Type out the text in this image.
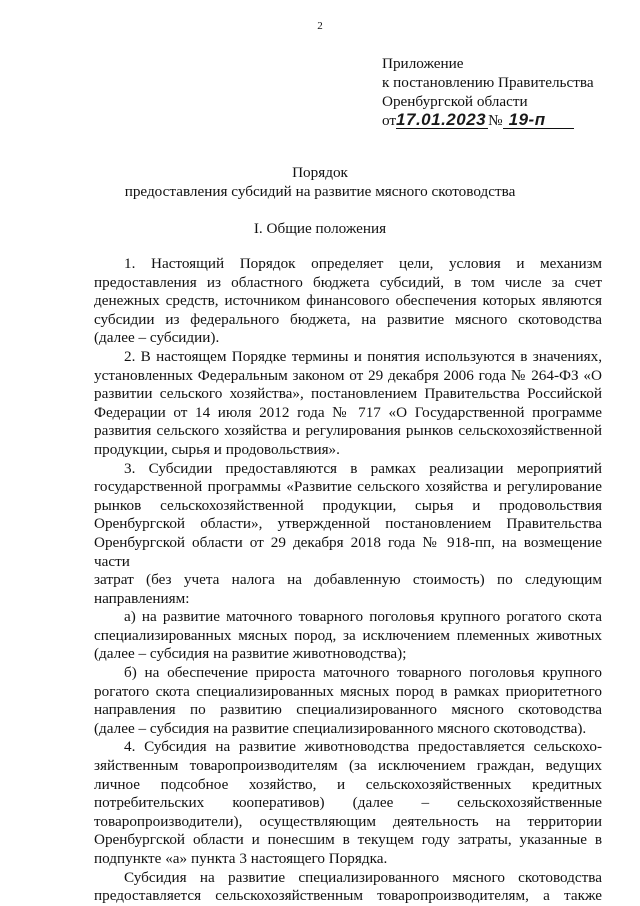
2
Приложение
к постановлению Правительства
Оренбургской области
от17.01.2023 № 19-п
Порядок
предоставления субсидий на развитие мясного скотоводства
I. Общие положения
1. Настоящий Порядок определяет цели, условия и механизм
предоставления из областного бюджета субсидий, в том числе за счет
денежных средств, источником финансового обеспечения которых являются
субсидии из федерального бюджета, на развитие мясного скотоводства
(далее – субсидии).
2. В настоящем Порядке термины и понятия используются в значениях,
установленных Федеральным законом от 29 декабря 2006 года № 264-ФЗ «О
развитии сельского хозяйства», постановлением Правительства Российской
Федерации от 14 июля 2012 года № 717 «О Государственной программе
развития сельского хозяйства и регулирования рынков сельскохозяйственной
продукции, сырья и продовольствия».
3. Субсидии предоставляются в рамках реализации мероприятий
государственной программы «Развитие сельского хозяйства и регулирование
рынков сельскохозяйственной продукции, сырья и продовольствия
Оренбургской области», утвержденной постановлением Правительства
Оренбургской области от 29 декабря 2018 года № 918-пп, на возмещение части
затрат (без учета налога на добавленную стоимость) по следующим
направлениям:
а) на развитие маточного товарного поголовья крупного рогатого скота
специализированных мясных пород, за исключением племенных животных
(далее – субсидия на развитие животноводства);
б) на обеспечение прироста маточного товарного поголовья крупного
рогатого скота специализированных мясных пород в рамках приоритетного
направления по развитию специализированного мясного скотоводства
(далее – субсидия на развитие специализированного мясного скотоводства).
4. Субсидия на развитие животноводства предоставляется сельскохо-
зяйственным товаропроизводителям (за исключением граждан, ведущих
личное подсобное хозяйство, и сельскохозяйственных кредитных
потребительских кооперативов) (далее – сельскохозяйственные
товаропроизводители), осуществляющим деятельность на территории
Оренбургской области и понесшим в текущем году затраты, указанные в
подпункте «а» пункта 3 настоящего Порядка.
Субсидия на развитие специализированного мясного скотоводства
предоставляется сельскохозяйственным товаропроизводителям, а также
